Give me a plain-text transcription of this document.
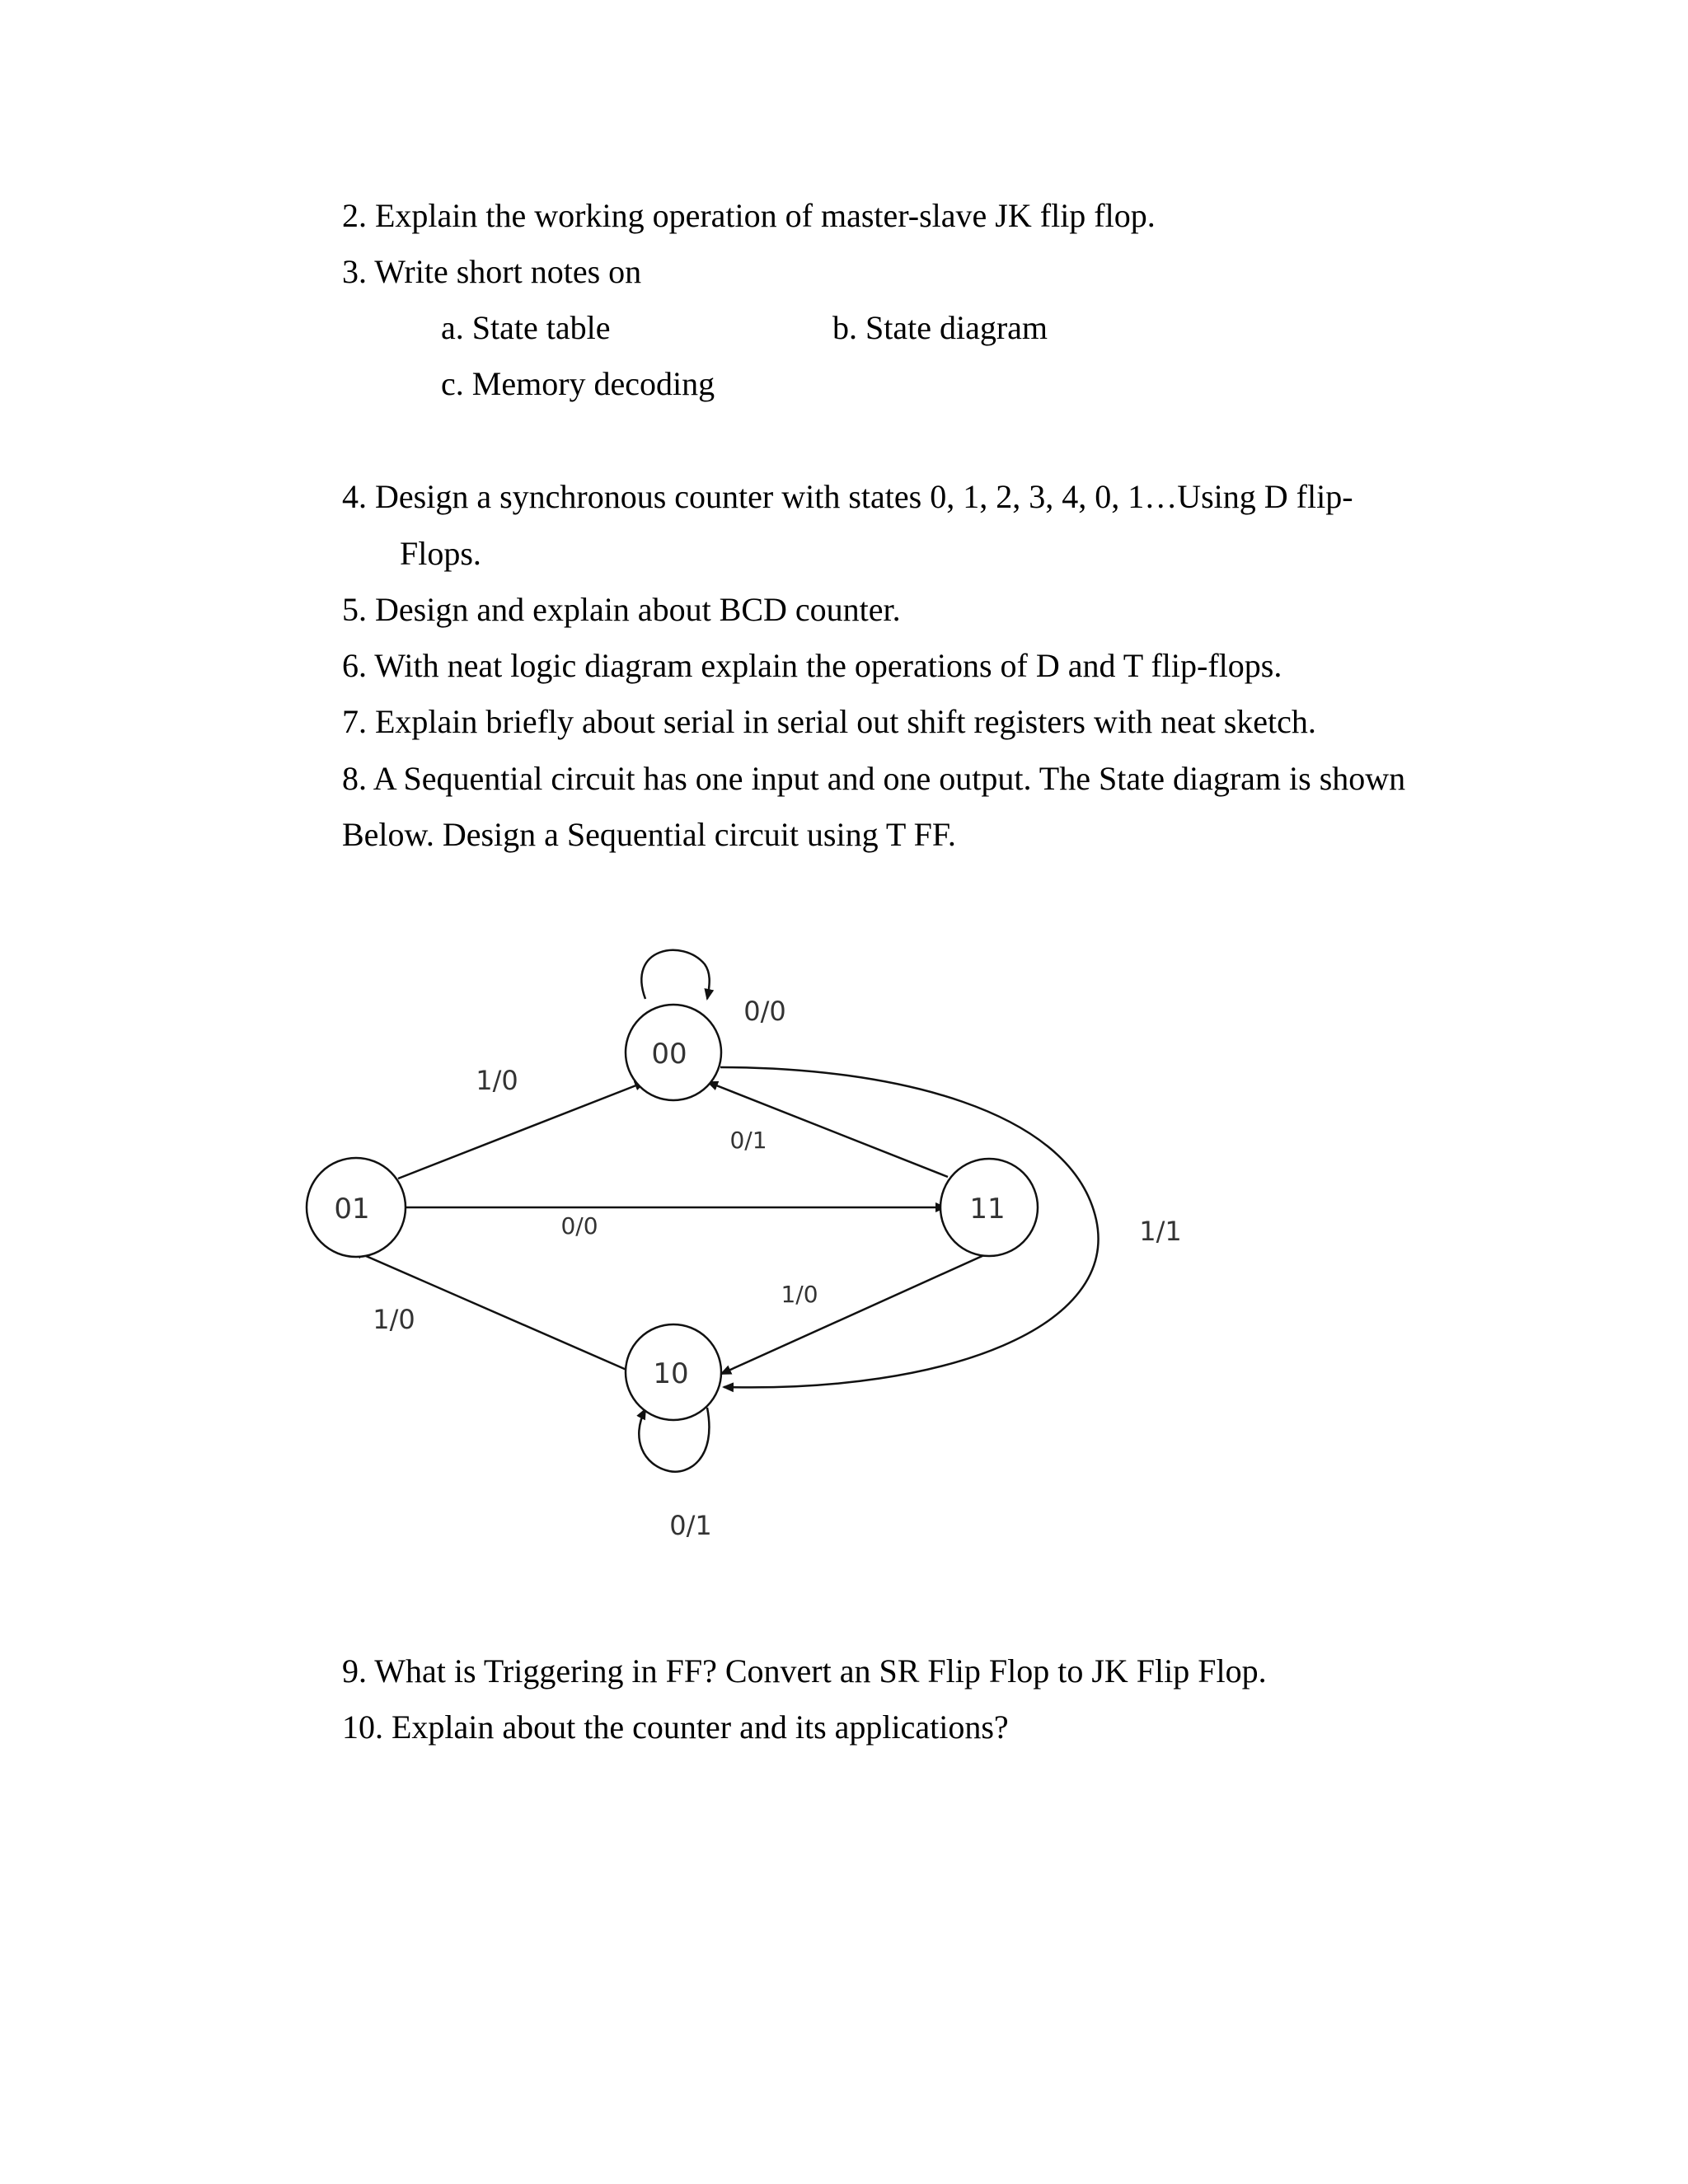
2. Explain the working operation of master-slave JK flip flop.
3. Write short notes on
a. State table	b. State diagram
c. Memory decoding
4. Design a synchronous counter with states 0, 1, 2, 3, 4, 0, 1…Using D flip-
Flops.
5. Design and explain about BCD counter.
6. With neat logic diagram explain the operations of D and T flip-flops.
7. Explain briefly about serial in serial out shift registers with neat sketch.
8. A Sequential circuit has one input and one output. The State diagram is shown
Below. Design a Sequential circuit using T FF.
00
01	11
10
0/0
1/0
0/1
0/0	1/1
1/0
1/0
0/1
9. What is Triggering in FF? Convert an SR Flip Flop to JK Flip Flop.
10. Explain about the counter and its applications?
